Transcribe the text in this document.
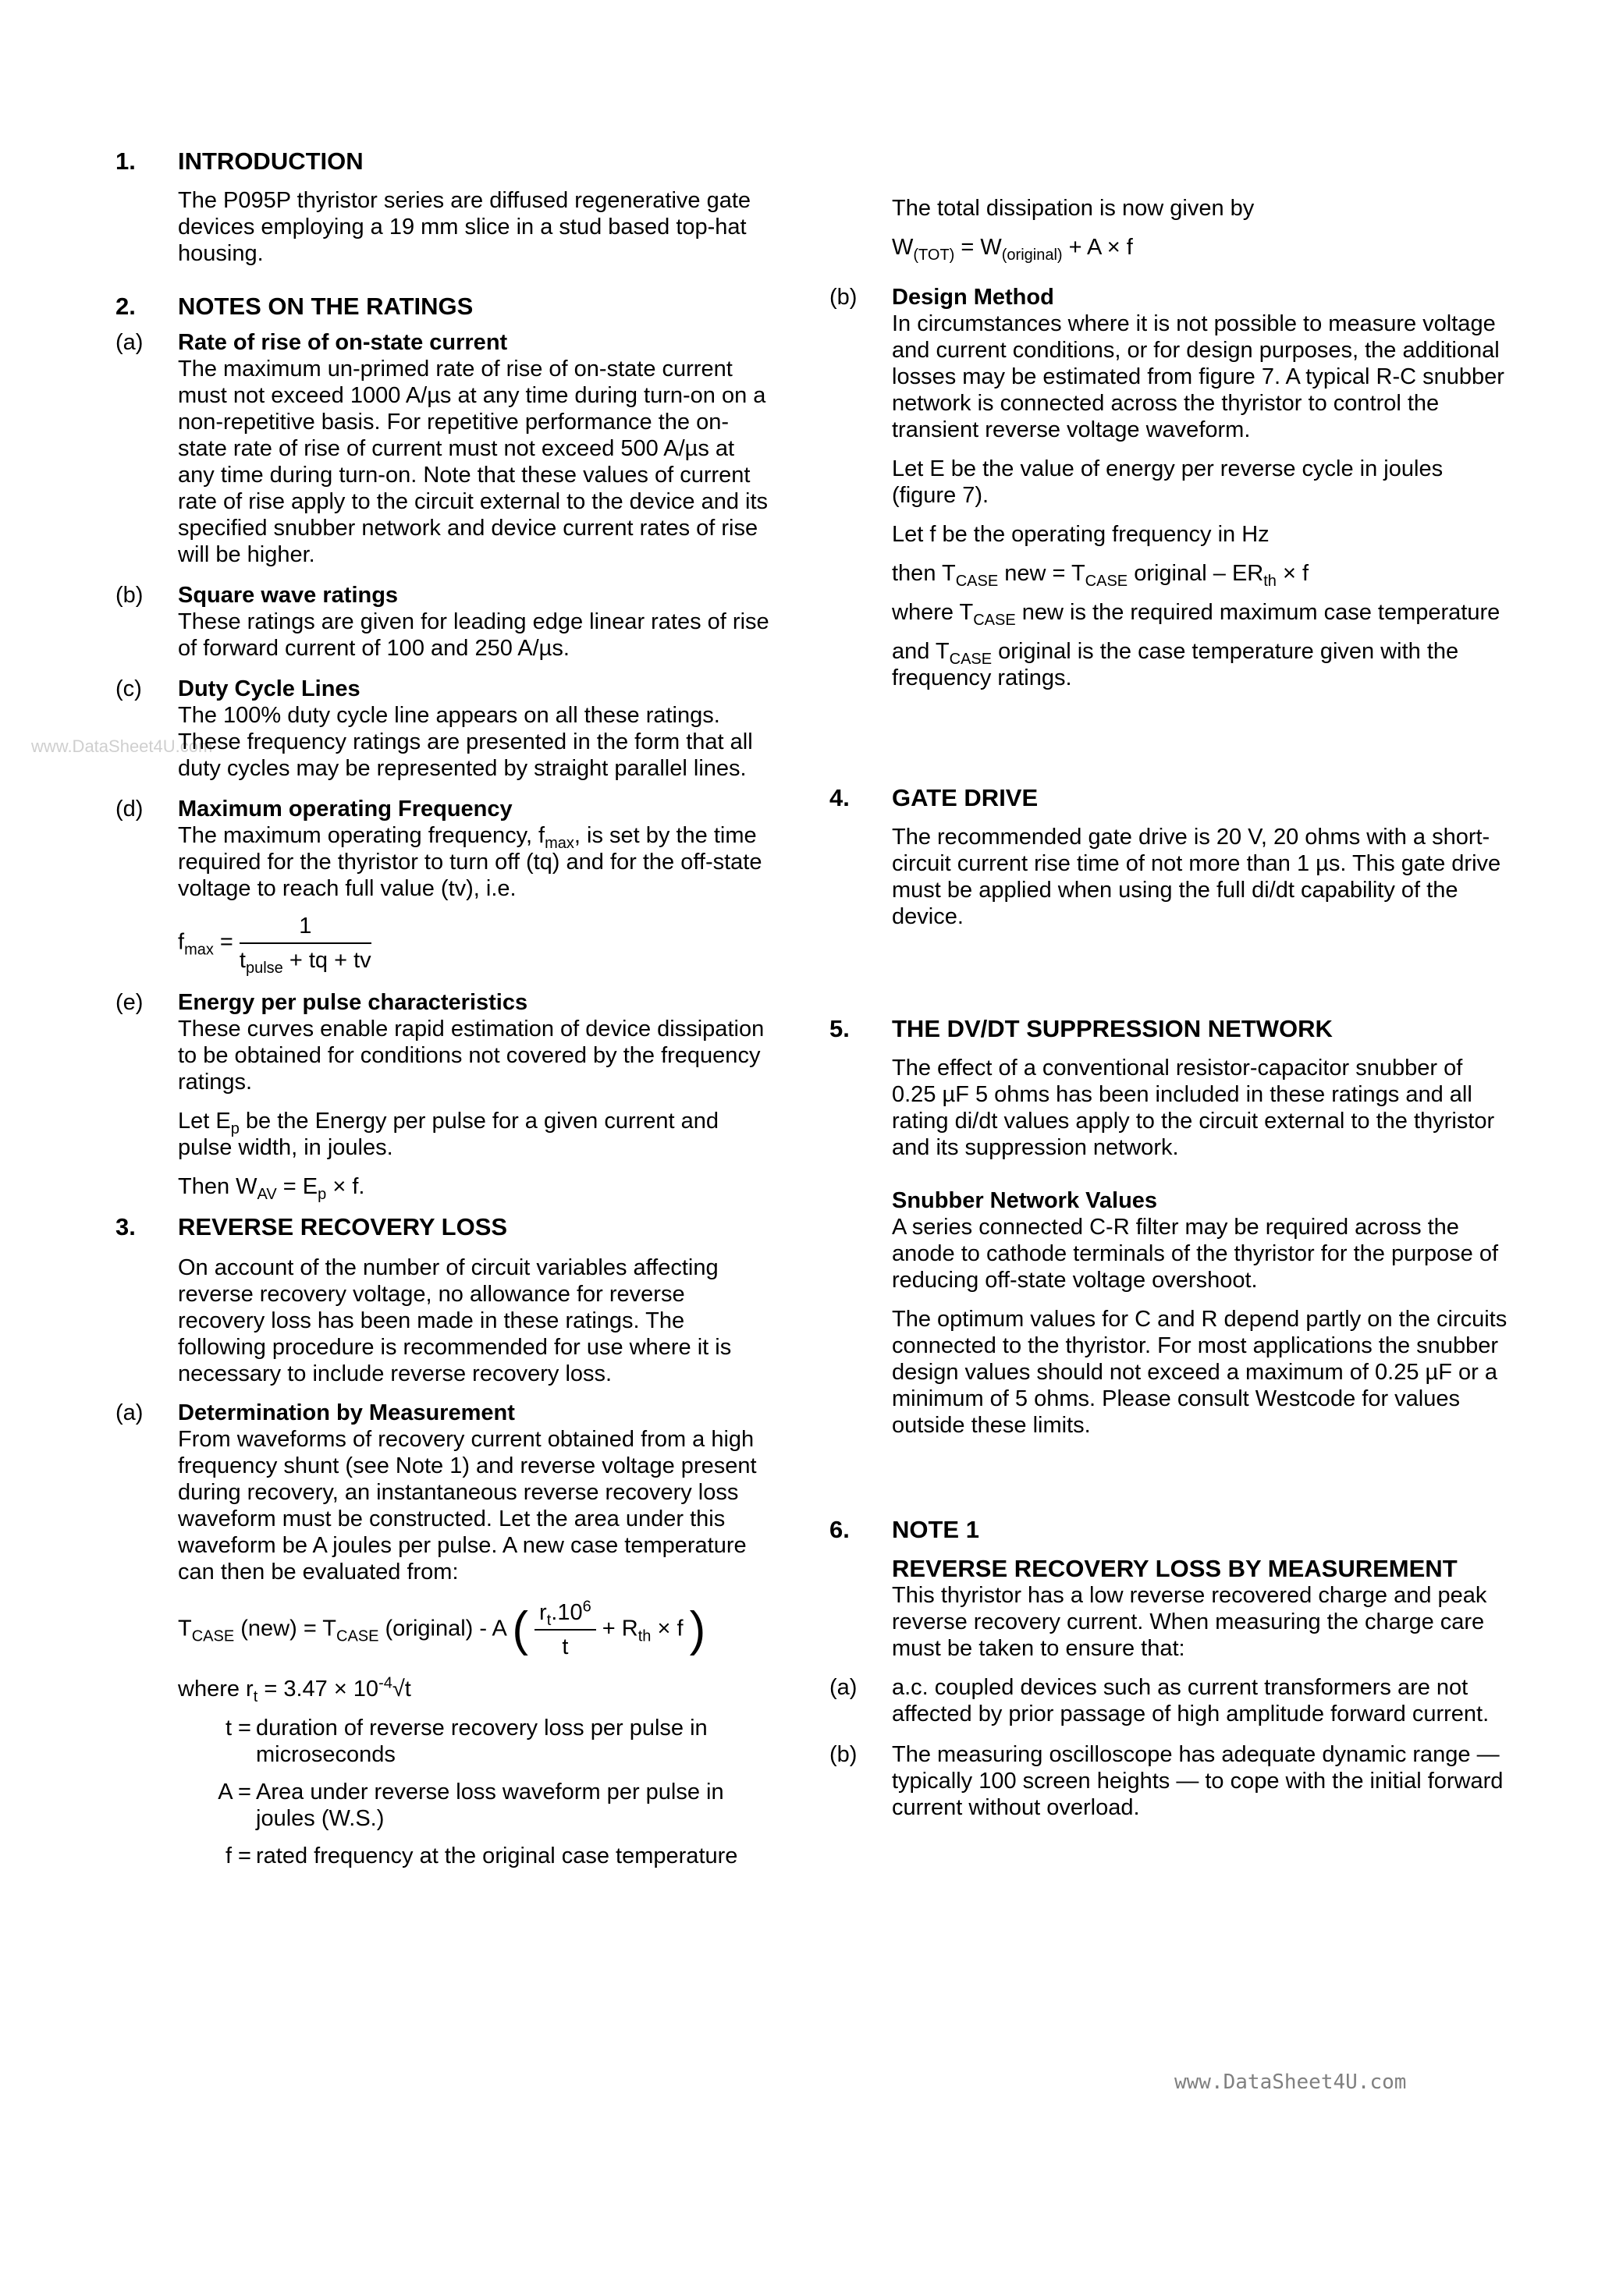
www.DataSheet4U.com
www.DataSheet4U.com
1. INTRODUCTION

The P095P thyristor series are diffused regenerative gate devices employing a 19 mm slice in a stud based top-hat housing.

2. NOTES ON THE RATINGS
(a) Rate of rise of on-state current
The maximum un-primed rate of rise of on-state current must not exceed 1000 A/µs at any time during turn-on on a non-repetitive basis. For repetitive performance the on-state rate of rise of current must not exceed 500 A/µs at any time during turn-on. Note that these values of current rate of rise apply to the circuit external to the device and its specified snubber network and device current rates of rise will be higher.
(b) Square wave ratings
These ratings are given for leading edge linear rates of rise of forward current of 100 and 250 A/µs.
(c) Duty Cycle Lines
The 100% duty cycle line appears on all these ratings. These frequency ratings are presented in the form that all duty cycles may be represented by straight parallel lines.
(d) Maximum operating Frequency
The maximum operating frequency, $f_{max}$, is set by the time required for the thyristor to turn off (tq) and for the off-state voltage to reach full value (tv), i.e.
$f_{max} = \frac{1}{t_{pulse} + tq + tv}$
(e) Energy per pulse characteristics
These curves enable rapid estimation of device dissipation to be obtained for conditions not covered by the frequency ratings.
Let $E_p$ be the Energy per pulse for a given current and pulse width, in joules.
Then $W_{AV} = E_p \times f$.
3. REVERSE RECOVERY LOSS

On account of the number of circuit variables affecting reverse recovery voltage, no allowance for reverse recovery loss has been made in these ratings. The following procedure is recommended for use where it is necessary to include reverse recovery loss.

(a) Determination by Measurement
From waveforms of recovery current obtained from a high frequency shunt (see Note 1) and reverse voltage present during recovery, an instantaneous reverse recovery loss waveform must be constructed. Let the area under this waveform be A joules per pulse. A new case temperature can then be evaluated from:
$T_{CASE}$ $(new) = T_{CASE}$ (original) - A ( $\frac{r_t.10^6}{t} + R_{th} \times f$ )
where $r_t = 3.47 \times 10^{-4}√t$
t = duration of reverse recovery loss per pulse in microseconds
A = Area under reverse loss waveform per pulse in joules (W.S.)
f = rated frequency at the original case temperature
The total dissipation is now given by
$W_{(TOT)} = W_{(original)} + A \times f$
(b) Design Method
In circumstances where it is not possible to measure voltage and current conditions, or for design purposes, the additional losses may be estimated from figure 7. A typical R-C snubber network is connected across the thyristor to control the transient reverse voltage waveform.
Let E be the value of energy per reverse cycle in joules (figure 7).
Let f be the operating frequency in Hz
then $T_{CASE}$ new = $T_{CASE}$ original – $ER_{th} \times f$
where $T_{CASE}$ new is the required maximum case temperature
and $T_{CASE}$ original is the case temperature given with the frequency ratings.
4. GATE DRIVE

The recommended gate drive is 20 V, 20 ohms with a short-circuit current rise time of not more than 1 µs. This gate drive must be applied when using the full di/dt capability of the device.

5. THE DV/DT SUPPRESSION NETWORK

The effect of a conventional resistor-capacitor snubber of 0.25 µF 5 ohms has been included in these ratings and all rating di/dt values apply to the circuit external to the thyristor and its suppression network.

Snubber Network Values

A series connected C-R filter may be required across the anode to cathode terminals of the thyristor for the purpose of reducing off-state voltage overshoot.

The optimum values for C and R depend partly on the circuits connected to the thyristor. For most applications the snubber design values should not exceed a maximum of 0.25 µF or a minimum of 5 ohms. Please consult Westcode for values outside these limits.

6. NOTE 1
REVERSE RECOVERY LOSS BY MEASUREMENT

This thyristor has a low reverse recovered charge and peak reverse recovery current. When measuring the charge care must be taken to ensure that:

(a) a.c. coupled devices such as current transformers are not affected by prior passage of high amplitude forward current.
(b) The measuring oscilloscope has adequate dynamic range — typically 100 screen heights — to cope with the initial forward current without overload.
